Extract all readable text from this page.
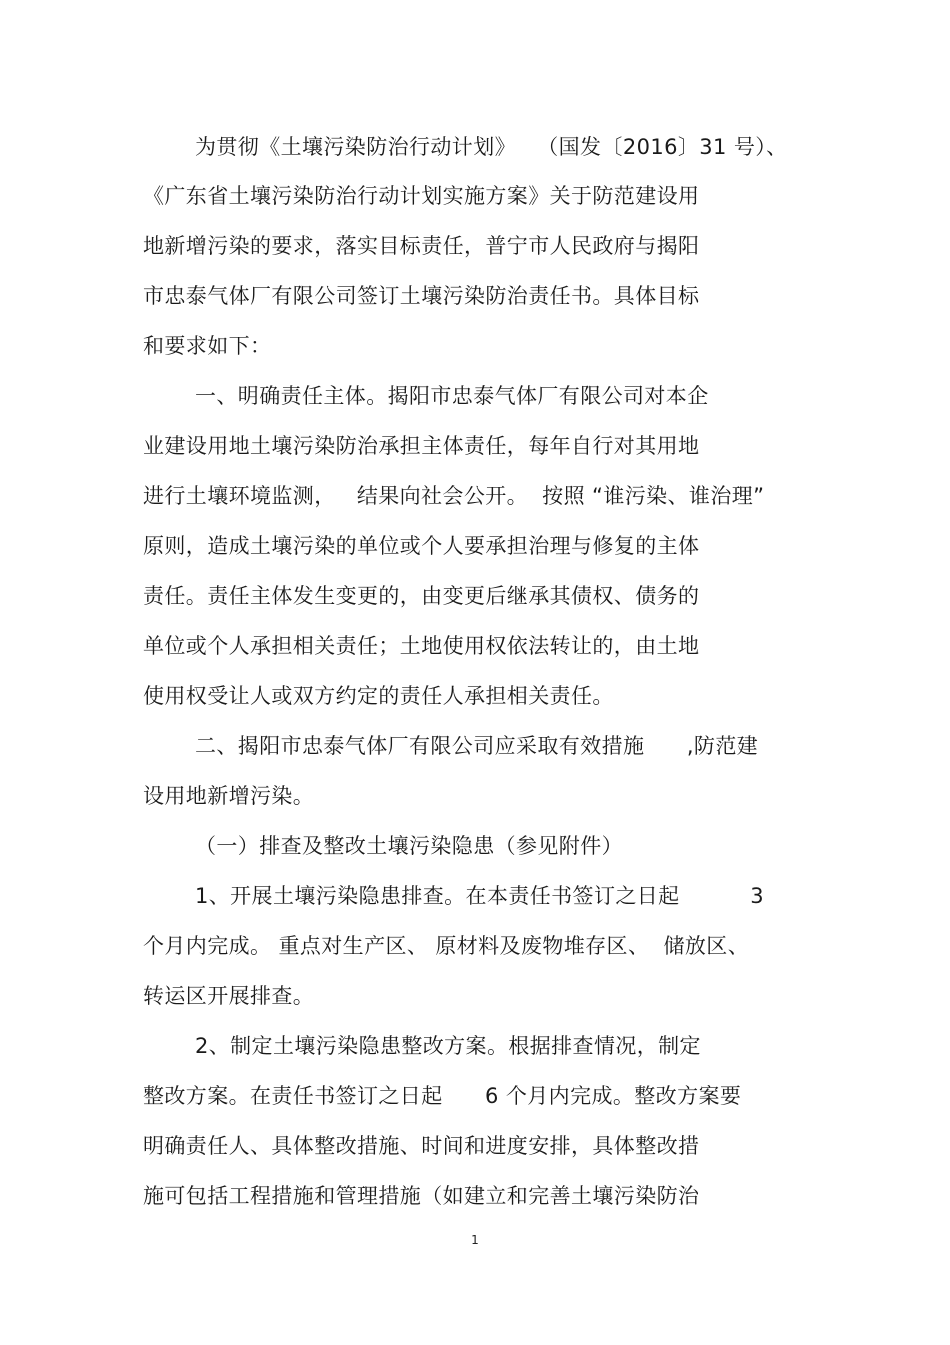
为贯彻《土壤污染防治行动计划》   （国发〔2016〕31 号）、
《广东省土壤污染防治行动计划实施方案》关于防范建设用
地新增污染的要求，落实目标责任，普宁市人民政府与揭阳
市忠泰气体厂有限公司签订土壤污染防治责任书。具体目标
和要求如下：
一、明确责任主体。揭阳市忠泰气体厂有限公司对本企
业建设用地土壤污染防治承担主体责任，每年自行对其用地
进行土壤环境监测，   结果向社会公开。  按照 “谁污染、谁治理”
原则，造成土壤污染的单位或个人要承担治理与修复的主体
责任。责任主体发生变更的，由变更后继承其债权、债务的
单位或个人承担相关责任；土地使用权依法转让的，由土地
使用权受让人或双方约定的责任人承担相关责任。
二、揭阳市忠泰气体厂有限公司应采取有效措施      ,防范建
设用地新增污染。
（一）排查及整改土壤污染隐患（参见附件）
1、开展土壤污染隐患排查。在本责任书签订之日起          3
个月内完成。 重点对生产区、 原材料及废物堆存区、  储放区、
转运区开展排查。
2、制定土壤污染隐患整改方案。根据排查情况，制定
整改方案。在责任书签订之日起      6 个月内完成。整改方案要
明确责任人、具体整改措施、时间和进度安排，具体整改措
施可包括工程措施和管理措施（如建立和完善土壤污染防治
1
